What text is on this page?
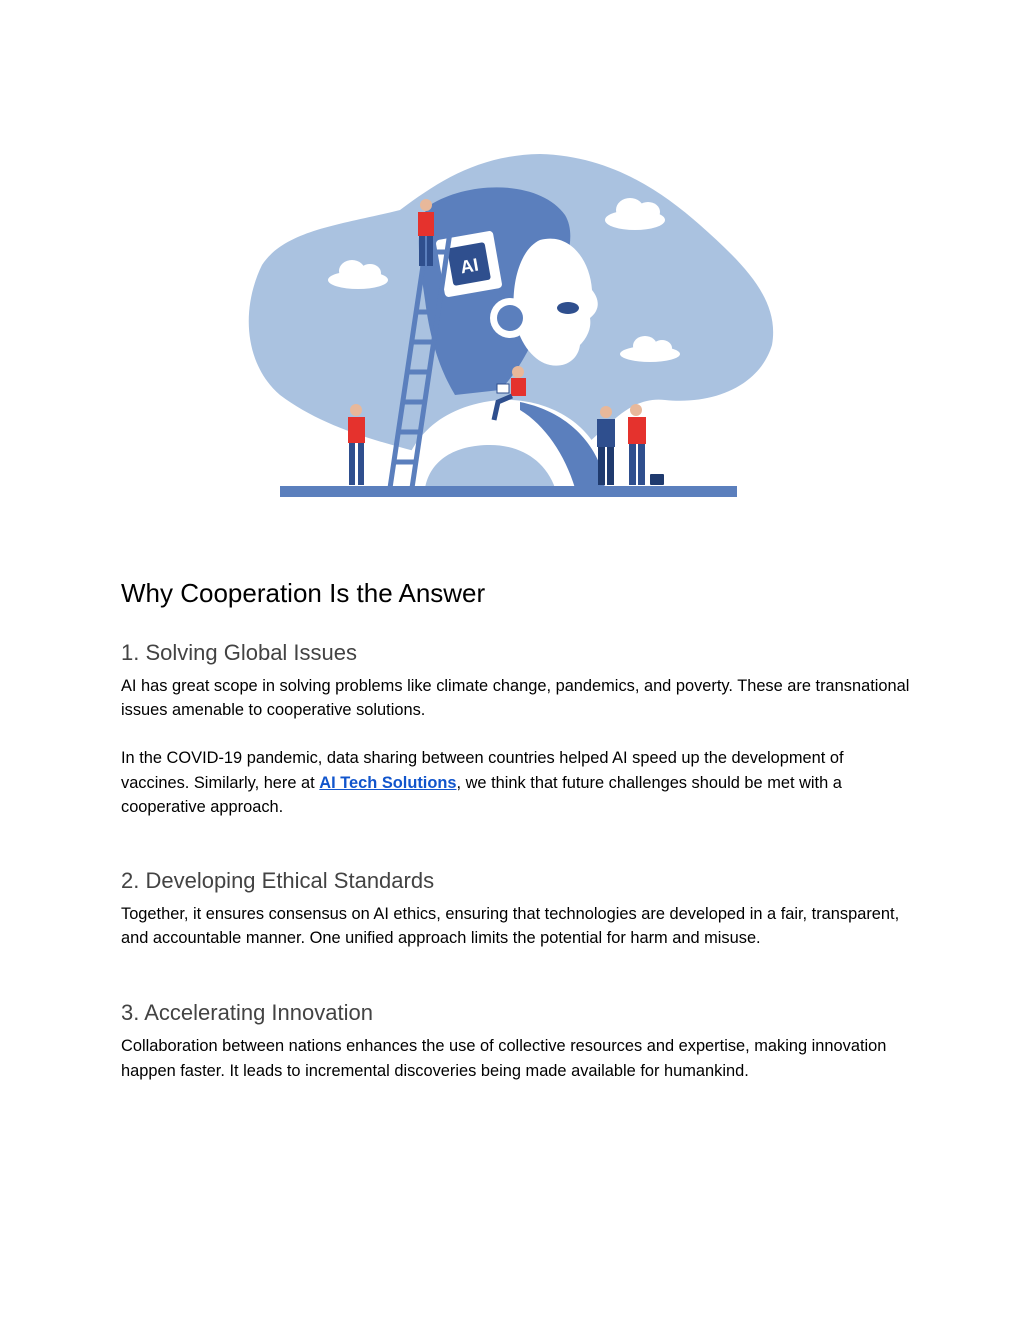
AI
Why Cooperation Is the Answer
1. Solving Global Issues

AI has great scope in solving problems like climate change, pandemics, and poverty. These are transnational issues amenable to cooperative solutions.

In the COVID-19 pandemic, data sharing between countries helped AI speed up the development of vaccines. Similarly, here at AI Tech Solutions, we think that future challenges should be met with a cooperative approach.

2. Developing Ethical Standards

Together, it ensures consensus on AI ethics, ensuring that technologies are developed in a fair, transparent, and accountable manner. One unified approach limits the potential for harm and misuse.

3. Accelerating Innovation

Collaboration between nations enhances the use of collective resources and expertise, making innovation happen faster. It leads to incremental discoveries being made available for humankind.
